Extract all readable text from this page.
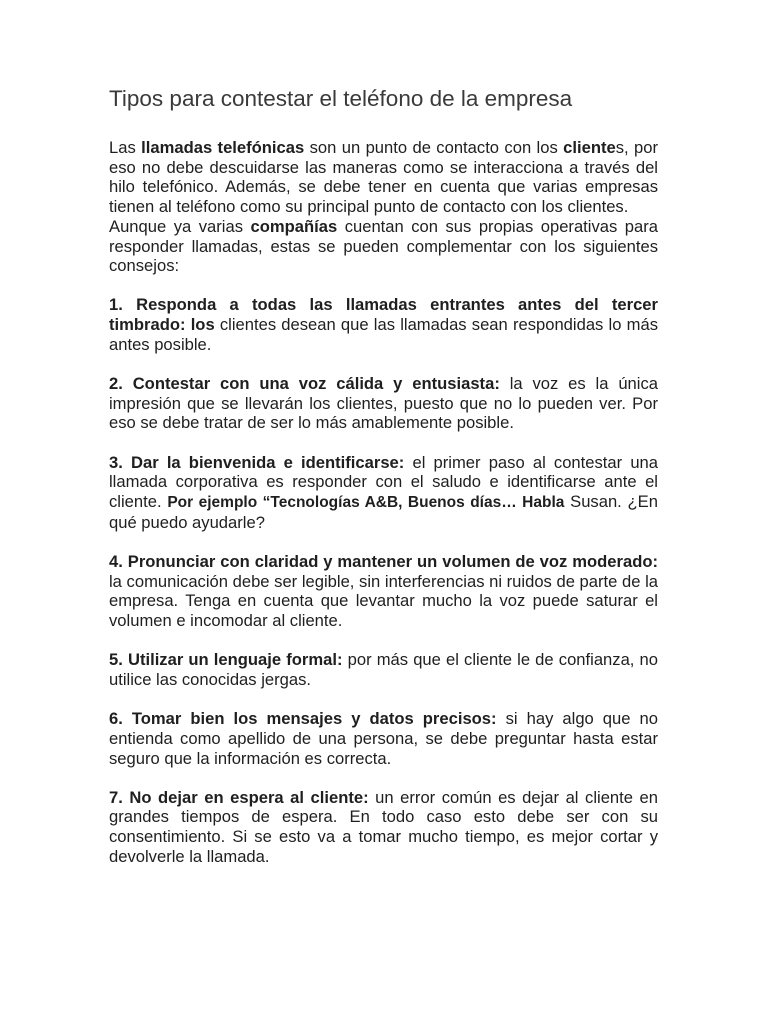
Tipos para contestar el teléfono de la empresa

Las llamadas telefónicas son un punto de contacto con los clientes, por eso no debe descuidarse las maneras como se interacciona a través del hilo telefónico. Además, se debe tener en cuenta que varias empresas tienen al teléfono como su principal punto de contacto con los clientes.

Aunque ya varias compañías cuentan con sus propias operativas para responder llamadas, estas se pueden complementar con los siguientes consejos:

1. Responda a todas las llamadas entrantes antes del tercer timbrado: los clientes desean que las llamadas sean respondidas lo más antes posible.

2. Contestar con una voz cálida y entusiasta: la voz es la única impresión que se llevarán los clientes, puesto que no lo pueden ver. Por eso se debe tratar de ser lo más amablemente posible.

3. Dar la bienvenida e identificarse: el primer paso al contestar una llamada corporativa es responder con el saludo e identificarse ante el cliente. Por ejemplo “Tecnologías A&B, Buenos días… Habla Susan. ¿En qué puedo ayudarle?

4. Pronunciar con claridad y mantener un volumen de voz moderado: la comunicación debe ser legible, sin interferencias ni ruidos de parte de la empresa. Tenga en cuenta que levantar mucho la voz puede saturar el volumen e incomodar al cliente.

5. Utilizar un lenguaje formal: por más que el cliente le de confianza, no utilice las conocidas jergas.

6. Tomar bien los mensajes y datos precisos: si hay algo que no entienda como apellido de una persona, se debe preguntar hasta estar seguro que la información es correcta.

7. No dejar en espera al cliente: un error común es dejar al cliente en grandes tiempos de espera. En todo caso esto debe ser con su consentimiento. Si se esto va a tomar mucho tiempo, es mejor cortar y devolverle la llamada.
